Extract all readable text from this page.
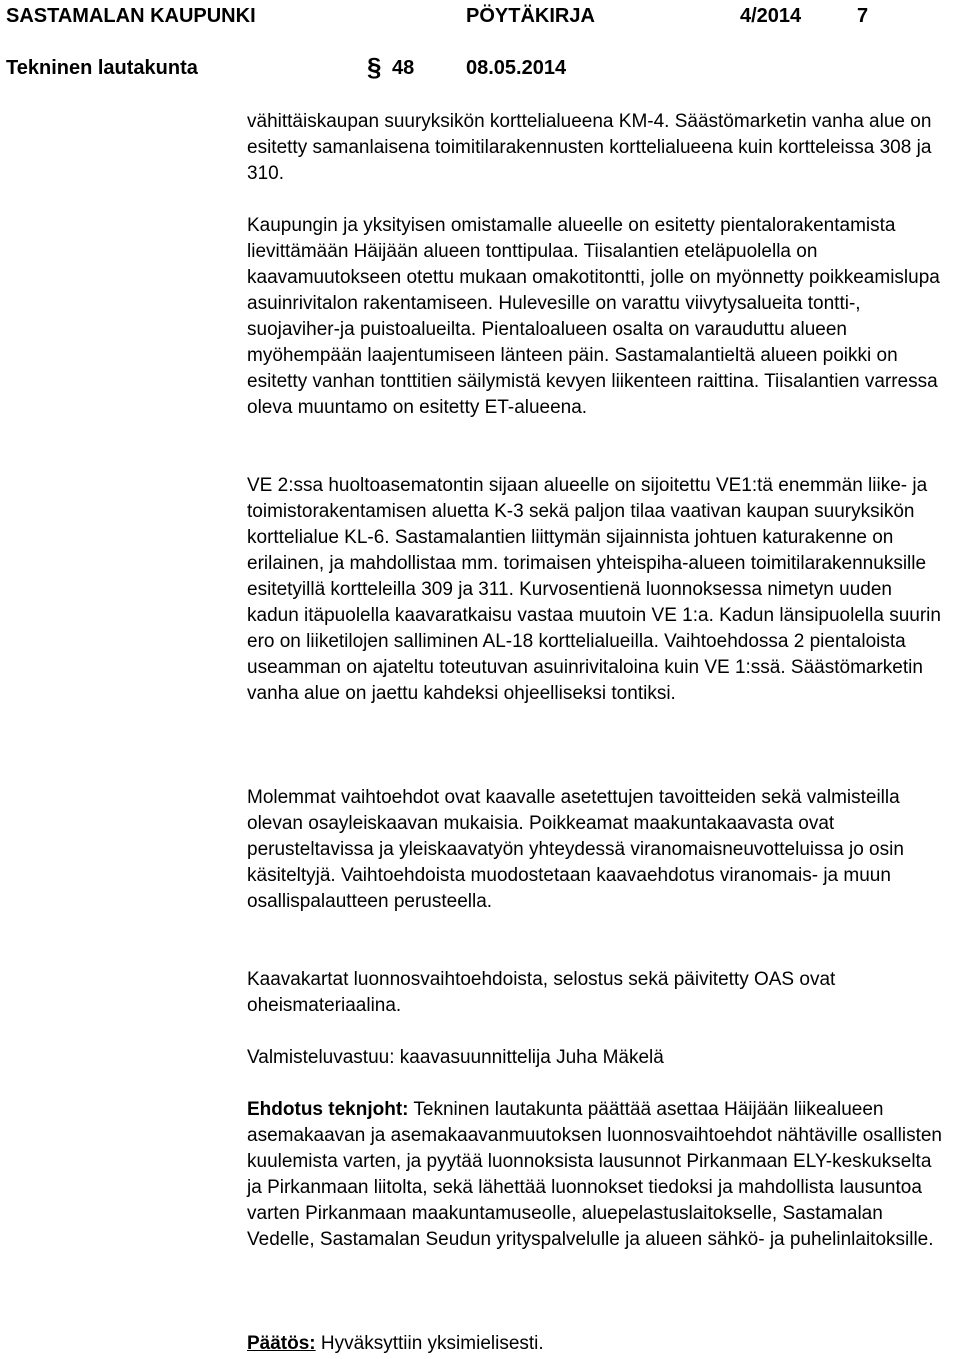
SASTAMALAN KAUPUNKI	PÖYTÄKIRJA	4/2014	7
Tekninen lautakunta	§ 48	08.05.2014

vähittäiskaupan suuryksikön korttelialueena KM-4. Säästömarketin vanha alue on esitetty samanlaisena toimitilarakennusten korttelialueena kuin kortteleissa 308 ja 310.

Kaupungin ja yksityisen omistamalle alueelle on esitetty pientalorakentamista lievittämään Häijään alueen tonttipulaa. Tiisalantien eteläpuolella on kaavamuutokseen otettu mukaan omakotitontti, jolle on myönnetty poikkeamislupa asuinrivitalon rakentamiseen. Hulevesille on varattu viivytysalueita tontti-, suojaviher-ja puistoalueilta. Pientaloalueen osalta on varauduttu alueen myöhempään laajentumiseen länteen päin. Sastamalantieltä alueen poikki on esitetty vanhan tonttitien säilymistä kevyen liikenteen raittina. Tiisalantien varressa oleva muuntamo on esitetty ET-alueena.

VE 2:ssa huoltoasematontin sijaan alueelle on sijoitettu VE1:tä enemmän liike- ja toimistorakentamisen aluetta K-3 sekä paljon tilaa vaativan kaupan suuryksikön korttelialue KL-6. Sastamalantien liittymän sijainnista johtuen katurakenne on erilainen, ja mahdollistaa mm. torimaisen yhteispiha-alueen toimitilarakennuksille esitetyillä kortteleilla 309 ja 311. Kurvosentienä luonnoksessa nimetyn uuden kadun itäpuolella kaavaratkaisu vastaa muutoin VE 1:a. Kadun länsipuolella suurin ero on liiketilojen salliminen AL-18 korttelialueilla. Vaihtoehdossa 2 pientaloista useamman on ajateltu toteutuvan asuinrivitaloina kuin VE 1:ssä. Säästömarketin vanha alue on jaettu kahdeksi ohjeelliseksi tontiksi.

Molemmat vaihtoehdot ovat kaavalle asetettujen tavoitteiden sekä valmisteilla olevan osayleiskaavan mukaisia. Poikkeamat maakuntakaavasta ovat perusteltavissa ja yleiskaavatyön yhteydessä viranomaisneuvotteluissa jo osin käsiteltyjä. Vaihtoehdoista muodostetaan kaavaehdotus viranomais- ja muun osallispalautteen perusteella.

Kaavakartat luonnosvaihtoehdoista, selostus sekä päivitetty OAS ovat oheismateriaalina.

Valmisteluvastuu: kaavasuunnittelija Juha Mäkelä

Ehdotus teknjoht: Tekninen lautakunta päättää asettaa Häijään liikealueen asemakaavan ja asemakaavanmuutoksen luonnosvaihtoehdot nähtäville osallisten kuulemista varten, ja pyytää luonnoksista lausunnot Pirkanmaan ELY-keskukselta ja Pirkanmaan liitolta, sekä lähettää luonnokset tiedoksi ja mahdollista lausuntoa varten Pirkanmaan maakuntamuseolle, aluepelastuslaitokselle, Sastamalan Vedelle, Sastamalan Seudun yrityspalvelulle ja alueen sähkö- ja puhelinlaitoksille.

Päätös: Hyväksyttiin yksimielisesti.
